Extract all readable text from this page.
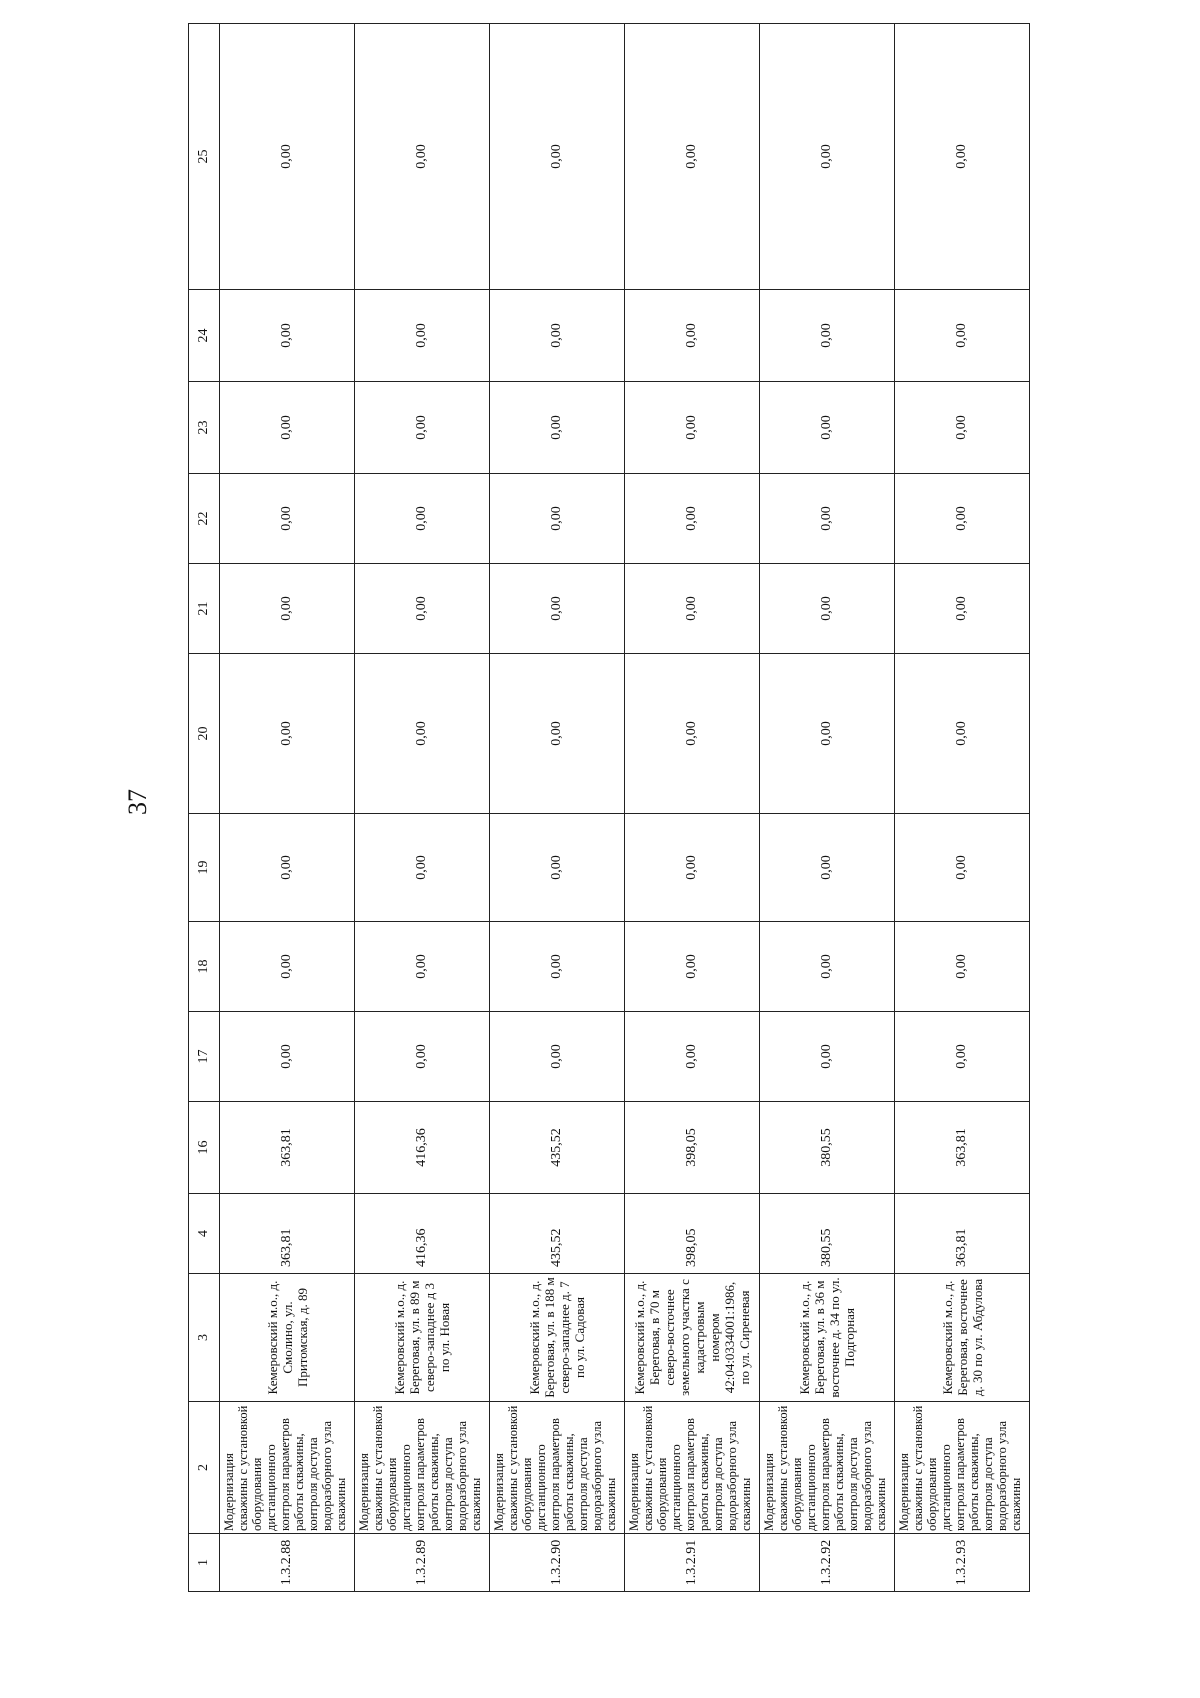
37
1	2	3	4	16	17	18	19	20	21	22	23	24	25
1.3.2.88	Модернизация скважины с установкой оборудования дистанционного контроля параметров работы скважины, контроля доступа водоразборного узла скважины	Кемеровский м.о., д. Смолино, ул. Притомская, д. 89	363,81	363,81	0,00	0,00	0,00	0,00	0,00	0,00	0,00	0,00	0,00
1.3.2.89	Модернизация скважины с установкой оборудования дистанционного контроля параметров работы скважины, контроля доступа водоразборного узла скважины	Кемеровский м.о., д. Береговая, ул. в 89 м северо-западнее д 3 по ул. Новая	416,36	416,36	0,00	0,00	0,00	0,00	0,00	0,00	0,00	0,00	0,00
1.3.2.90	Модернизация скважины с установкой оборудования дистанционного контроля параметров работы скважины, контроля доступа водоразборного узла скважины	Кемеровский м.о., д. Береговая, ул. в 188 м северо-западнее д. 7 по ул. Садовая	435,52	435,52	0,00	0,00	0,00	0,00	0,00	0,00	0,00	0,00	0,00
1.3.2.91	Модернизация скважины с установкой оборудования дистанционного контроля параметров работы скважины, контроля доступа водоразборного узла скважины	Кемеровский м.о., д. Береговая, в 70 м северо-восточнее земельного участка с кадастровым номером 42:04:0334001:1986, по ул. Сиреневая	398,05	398,05	0,00	0,00	0,00	0,00	0,00	0,00	0,00	0,00	0,00
1.3.2.92	Модернизация скважины с установкой оборудования дистанционного контроля параметров работы скважины, контроля доступа водоразборного узла скважины	Кемеровский м.о., д. Береговая, ул. в 36 м восточнее д. 34 по ул. Подгорная	380,55	380,55	0,00	0,00	0,00	0,00	0,00	0,00	0,00	0,00	0,00
1.3.2.93	Модернизация скважины с установкой оборудования дистанционного контроля параметров работы скважины, контроля доступа водоразборного узла скважины	Кемеровский м.о., д. Береговая, восточнее д. 30 по ул. Абдулова	363,81	363,81	0,00	0,00	0,00	0,00	0,00	0,00	0,00	0,00	0,00
